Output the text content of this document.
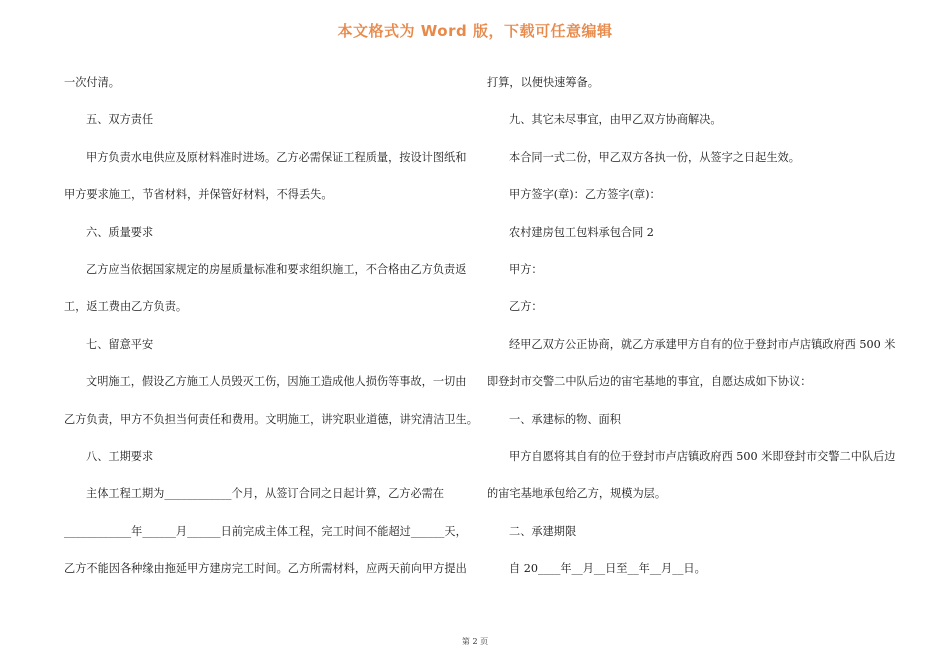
本文格式为 Word 版，下载可任意编辑
一次付清。
五、双方责任
甲方负责水电供应及原材料准时进场。乙方必需保证工程质量，按设计图纸和
甲方要求施工，节省材料，并保管好材料，不得丢失。
六、质量要求
乙方应当依据国家规定的房屋质量标准和要求组织施工，不合格由乙方负责返
工，返工费由乙方负责。
七、留意平安
文明施工，假设乙方施工人员毁灭工伤，因施工造成他人损伤等事故，一切由
乙方负责，甲方不负担当何责任和费用。文明施工，讲究职业道德，讲究清洁卫生。
八、工期要求
主体工程工期为____________个月，从签订合同之日起计算，乙方必需在
____________年______月______日前完成主体工程，完工时间不能超过______天，
乙方不能因各种缘由拖延甲方建房完工时间。乙方所需材料，应两天前向甲方提出
打算，以便快速筹备。
九、其它未尽事宜，由甲乙双方协商解决。
本合同一式二份，甲乙双方各执一份，从签字之日起生效。
甲方签字(章)：乙方签字(章)：
农村建房包工包料承包合同 2
甲方：
乙方：
经甲乙双方公正协商，就乙方承建甲方自有的位于登封市卢店镇政府西 500 米
即登封市交警二中队后边的宙宅基地的事宜，自愿达成如下协议：
一、承建标的物、面积
甲方自愿将其自有的位于登封市卢店镇政府西 500 米即登封市交警二中队后边
的宙宅基地承包给乙方，规模为层。
二、承建期限
自 20____年__月__日至__年__月__日。
第 2 页
